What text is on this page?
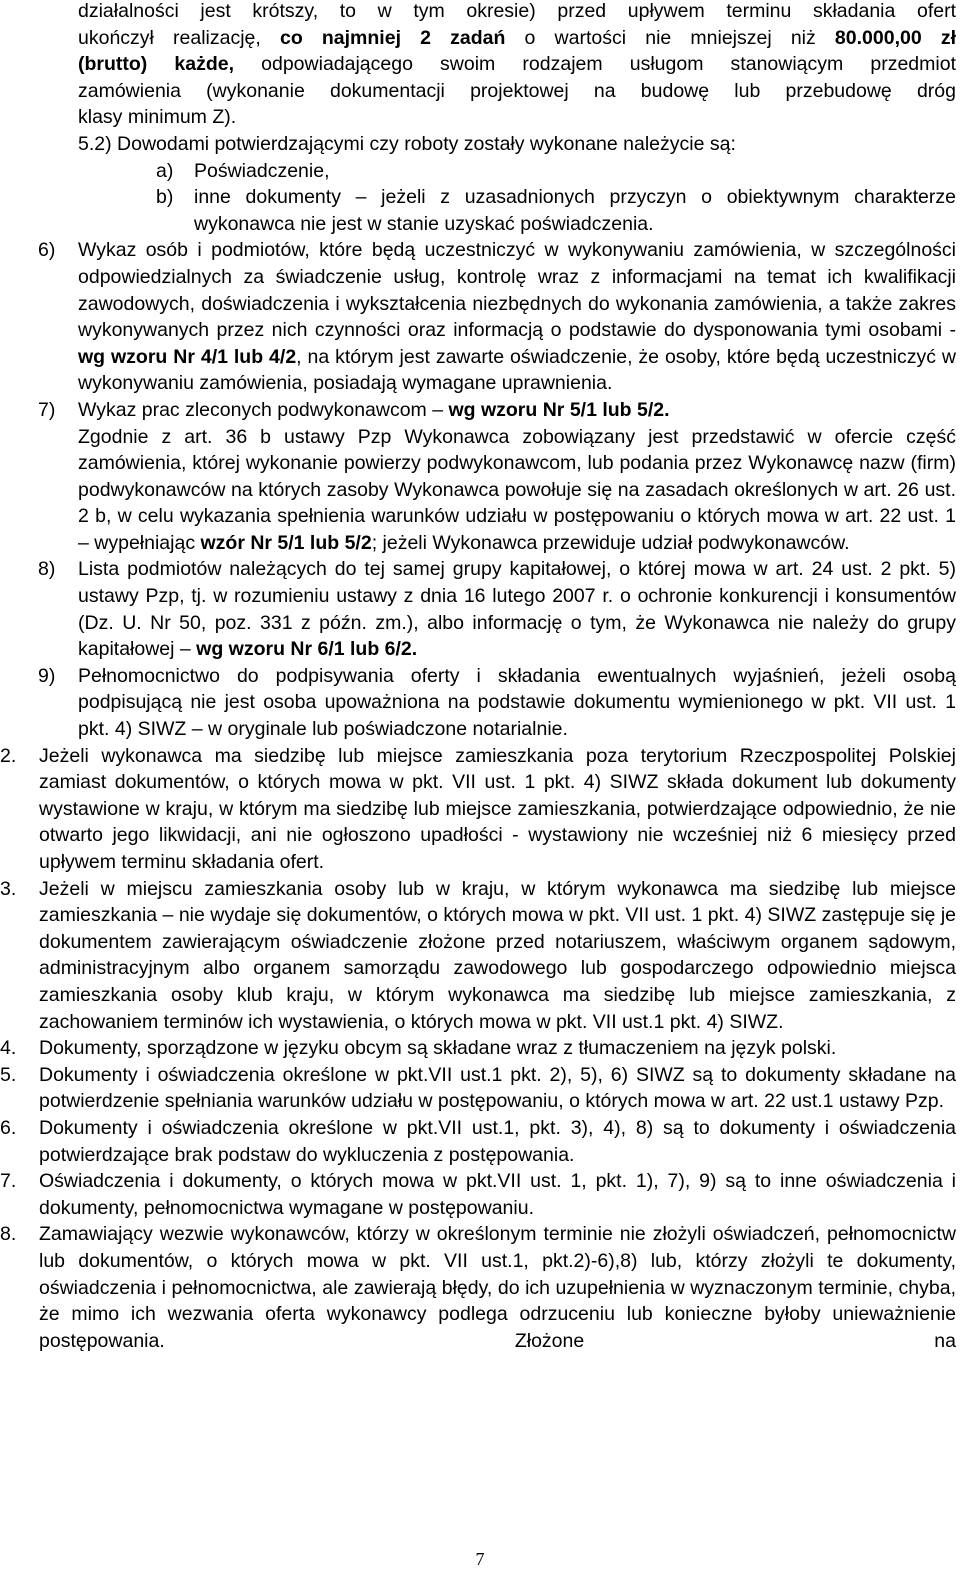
działalności jest krótszy, to w tym okresie) przed upływem terminu składania ofert
ukończył realizację, co najmniej 2 zadań o wartości nie mniejszej niż 80.000,00 zł
(brutto) każde, odpowiadającego swoim rodzajem usługom stanowiącym przedmiot
zamówienia (wykonanie dokumentacji projektowej na budowę lub przebudowę dróg
klasy minimum Z).
5.2) Dowodami potwierdzającymi czy roboty zostały wykonane należycie są:
a) Poświadczenie,
b) inne dokumenty – jeżeli z uzasadnionych przyczyn o obiektywnym charakterze wykonawca nie jest w stanie uzyskać poświadczenia.
6) Wykaz osób i podmiotów, które będą uczestniczyć w wykonywaniu zamówienia, w szczególności odpowiedzialnych za świadczenie usług, kontrolę wraz z informacjami na temat ich kwalifikacji zawodowych, doświadczenia i wykształcenia niezbędnych do wykonania zamówienia, a także zakres wykonywanych przez nich czynności oraz informacją o podstawie do dysponowania tymi osobami - wg wzoru Nr 4/1 lub 4/2, na którym jest zawarte oświadczenie, że osoby, które będą uczestniczyć w wykonywaniu zamówienia, posiadają wymagane uprawnienia.
7) Wykaz prac zleconych podwykonawcom – wg wzoru Nr 5/1 lub 5/2.
Zgodnie z art. 36 b ustawy Pzp Wykonawca zobowiązany jest przedstawić w ofercie część zamówienia, której wykonanie powierzy podwykonawcom, lub podania przez Wykonawcę nazw (firm) podwykonawców na których zasoby Wykonawca powołuje się na zasadach określonych w art. 26 ust. 2 b, w celu wykazania spełnienia warunków udziału w postępowaniu o których mowa w art. 22 ust. 1 – wypełniając wzór Nr 5/1 lub 5/2; jeżeli Wykonawca przewiduje udział podwykonawców.
8) Lista podmiotów należących do tej samej grupy kapitałowej, o której mowa w art. 24 ust. 2 pkt. 5) ustawy Pzp, tj. w rozumieniu ustawy z dnia 16 lutego 2007 r. o ochronie konkurencji i konsumentów (Dz. U. Nr 50, poz. 331 z późn. zm.), albo informację o tym, że Wykonawca nie należy do grupy kapitałowej – wg wzoru Nr 6/1 lub 6/2.
9) Pełnomocnictwo do podpisywania oferty i składania ewentualnych wyjaśnień, jeżeli osobą podpisującą nie jest osoba upoważniona na podstawie dokumentu wymienionego w pkt. VII ust. 1 pkt. 4) SIWZ – w oryginale lub poświadczone notarialnie.
2. Jeżeli wykonawca ma siedzibę lub miejsce zamieszkania poza terytorium Rzeczpospolitej Polskiej zamiast dokumentów, o których mowa w pkt. VII ust. 1 pkt. 4) SIWZ składa dokument lub dokumenty wystawione w kraju, w którym ma siedzibę lub miejsce zamieszkania, potwierdzające odpowiednio, że nie otwarto jego likwidacji, ani nie ogłoszono upadłości - wystawiony nie wcześniej niż 6 miesięcy przed upływem terminu składania ofert.
3. Jeżeli w miejscu zamieszkania osoby lub w kraju, w którym wykonawca ma siedzibę lub miejsce zamieszkania – nie wydaje się dokumentów, o których mowa w pkt. VII ust. 1 pkt. 4) SIWZ zastępuje się je dokumentem zawierającym oświadczenie złożone przed notariuszem, właściwym organem sądowym, administracyjnym albo organem samorządu zawodowego lub gospodarczego odpowiednio miejsca zamieszkania osoby klub kraju, w którym wykonawca ma siedzibę lub miejsce zamieszkania, z zachowaniem terminów ich wystawienia, o których mowa w pkt. VII ust.1 pkt. 4) SIWZ.
4. Dokumenty, sporządzone w języku obcym są składane wraz z tłumaczeniem na język polski.
5. Dokumenty i oświadczenia określone w pkt.VII ust.1 pkt. 2), 5), 6) SIWZ są to dokumenty składane na potwierdzenie spełniania warunków udziału w postępowaniu, o których mowa w art. 22 ust.1 ustawy Pzp.
6. Dokumenty i oświadczenia określone w pkt.VII ust.1, pkt. 3), 4), 8) są to dokumenty i oświadczenia potwierdzające brak podstaw do wykluczenia z postępowania.
7. Oświadczenia i dokumenty, o których mowa w pkt.VII ust. 1, pkt. 1), 7), 9) są to inne oświadczenia i dokumenty, pełnomocnictwa wymagane w postępowaniu.
8. Zamawiający wezwie wykonawców, którzy w określonym terminie nie złożyli oświadczeń, pełnomocnictw lub dokumentów, o których mowa w pkt. VII ust.1, pkt.2)-6),8) lub, którzy złożyli te dokumenty, oświadczenia i pełnomocnictwa, ale zawierają błędy, do ich uzupełnienia w wyznaczonym terminie, chyba, że mimo ich wezwania oferta wykonawcy podlega odrzuceniu lub konieczne byłoby unieważnienie postępowania. Złożone na
7
